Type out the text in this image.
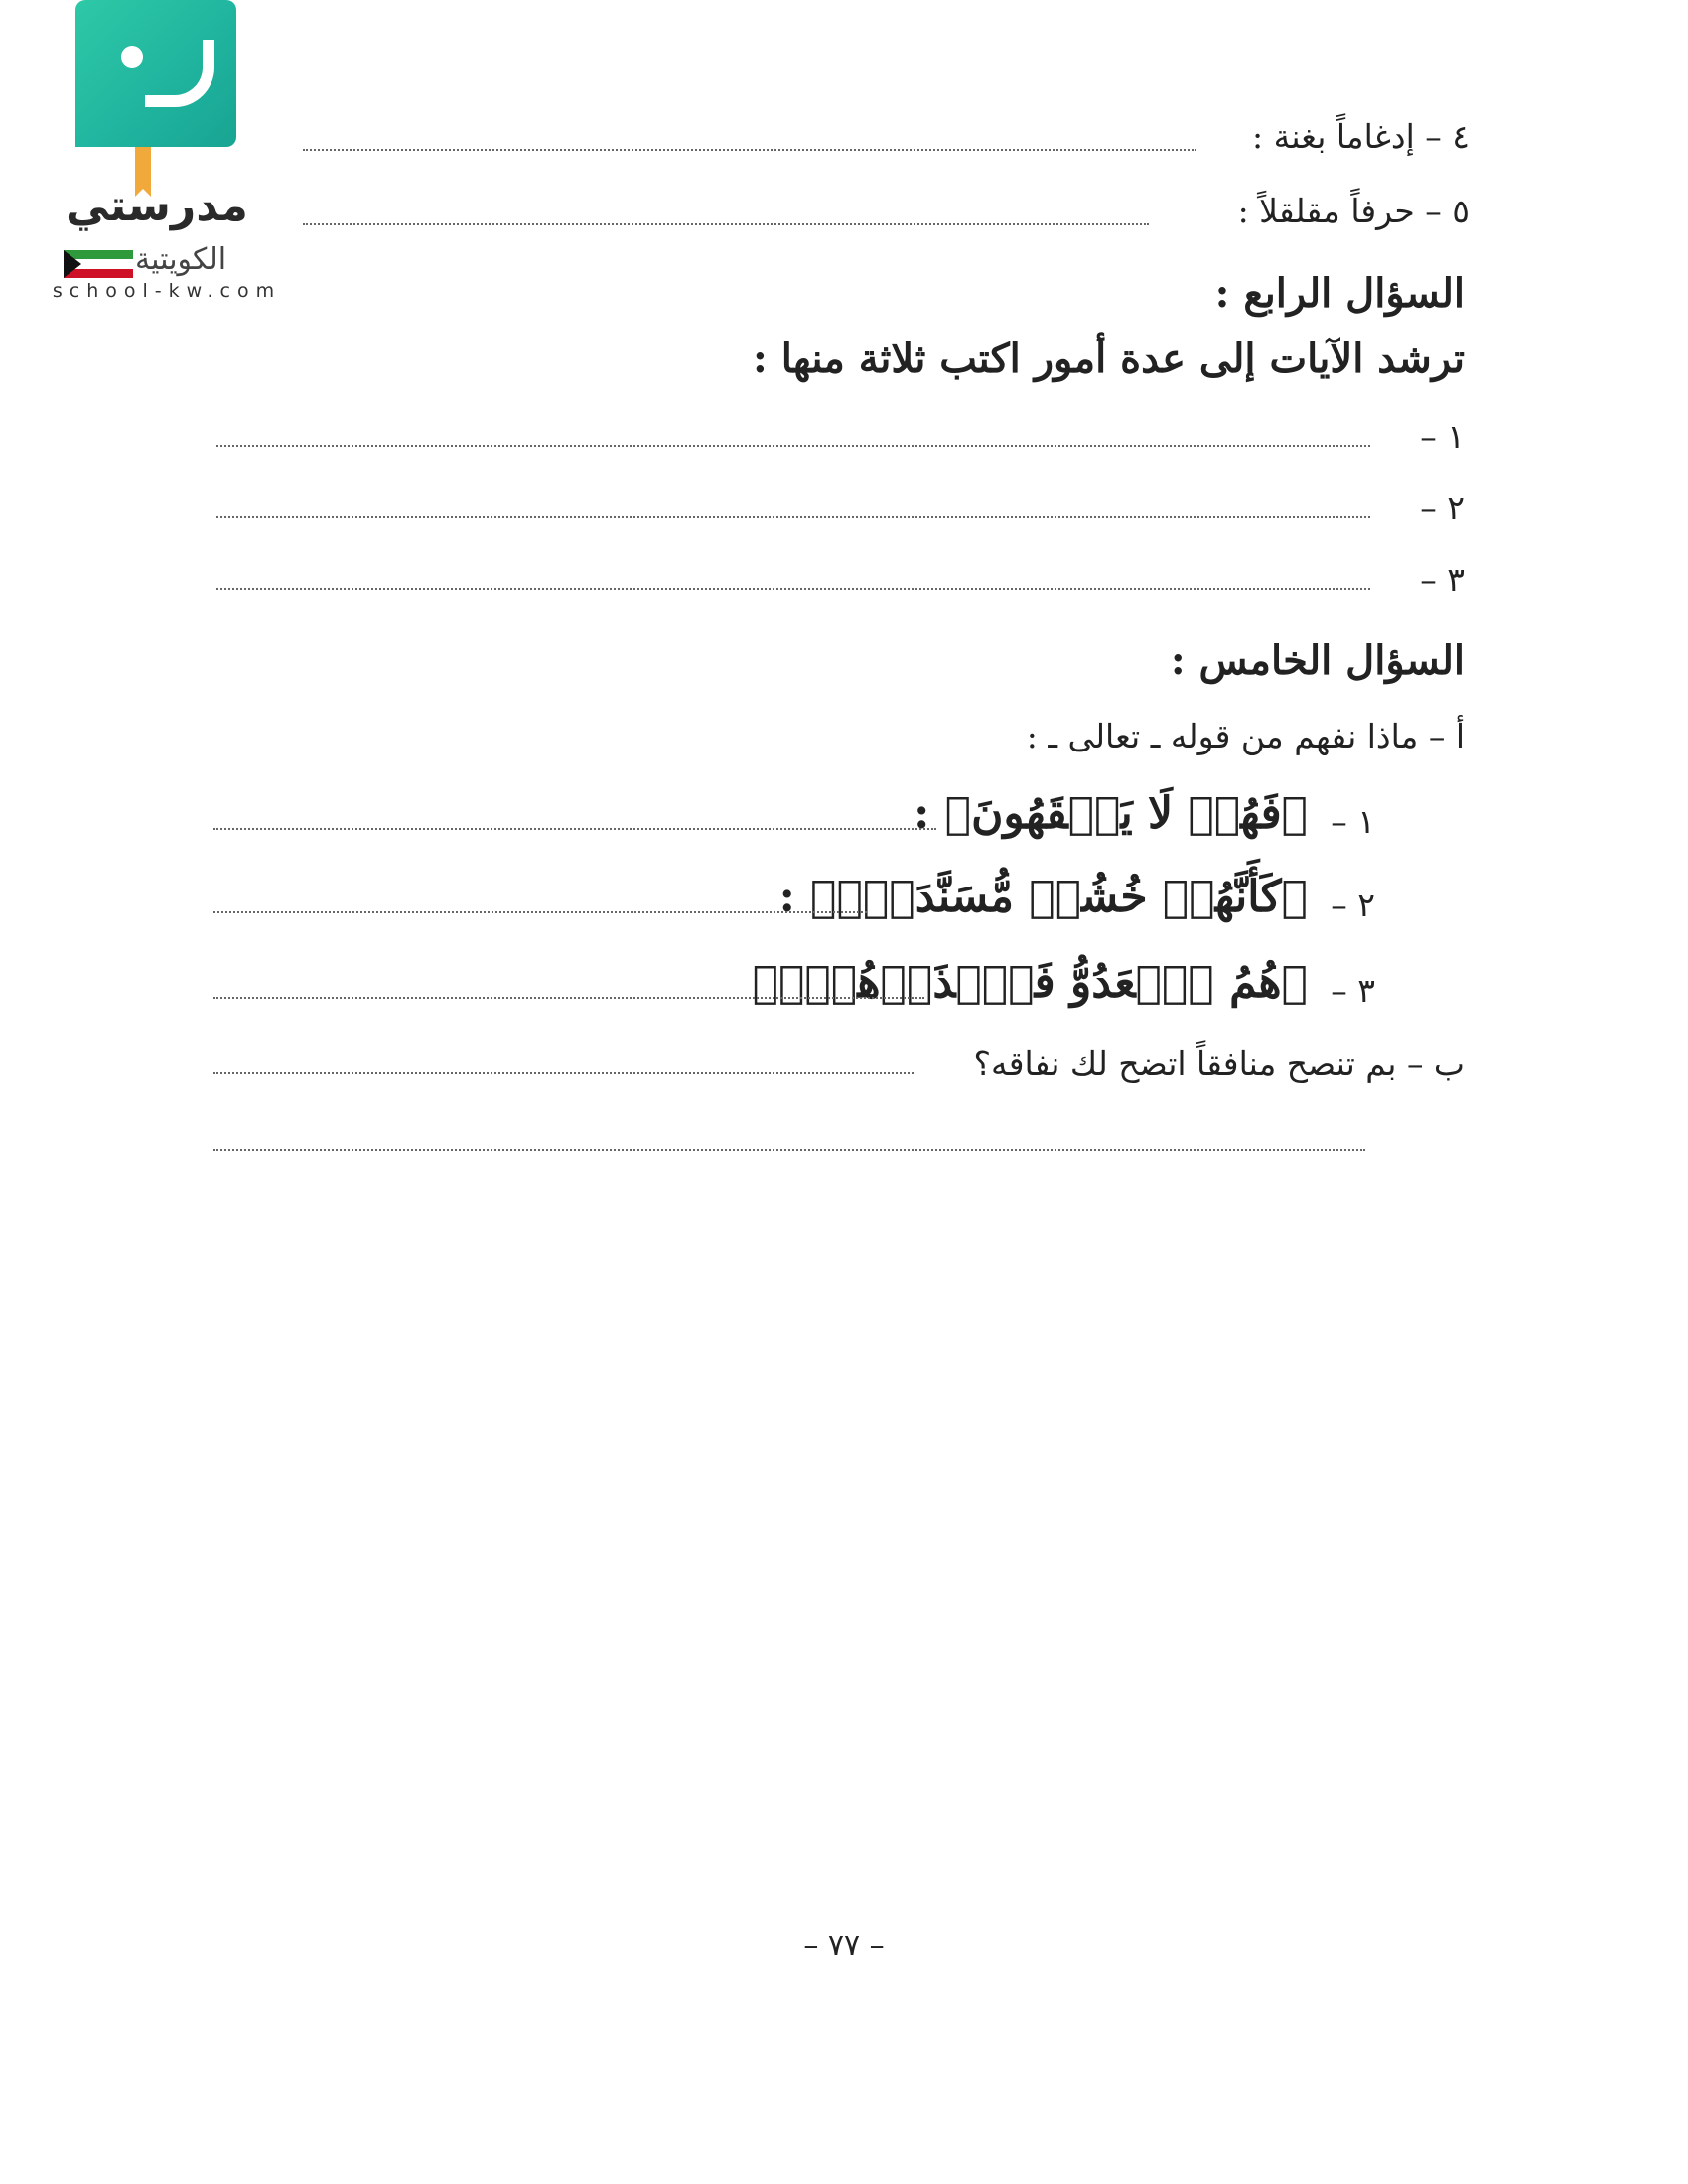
مدرستي
الكويتية
school-kw.com
٤ – إدغاماً بغنة :
٥ – حرفاً مقلقلاً :
السؤال الرابع :
ترشد الآيات إلى عدة أمور اكتب ثلاثة منها :
١ –
٢ –
٣ –
السؤال الخامس :
أ – ماذا نفهم من قوله ـ تعالى ـ :
١ –
﴿فَهُمۡ لَا يَفۡقَهُونَ﴾ :
٢ –
﴿كَأَنَّهُمۡ خُشُبٞ مُّسَنَّدَةٞۖ﴾ :
٣ –
﴿هُمُ ٱلۡعَدُوُّ فَٱحۡذَرۡهُمۡۚ﴾
ب – بم تنصح منافقاً اتضح لك نفاقه؟
– ٧٧ –
